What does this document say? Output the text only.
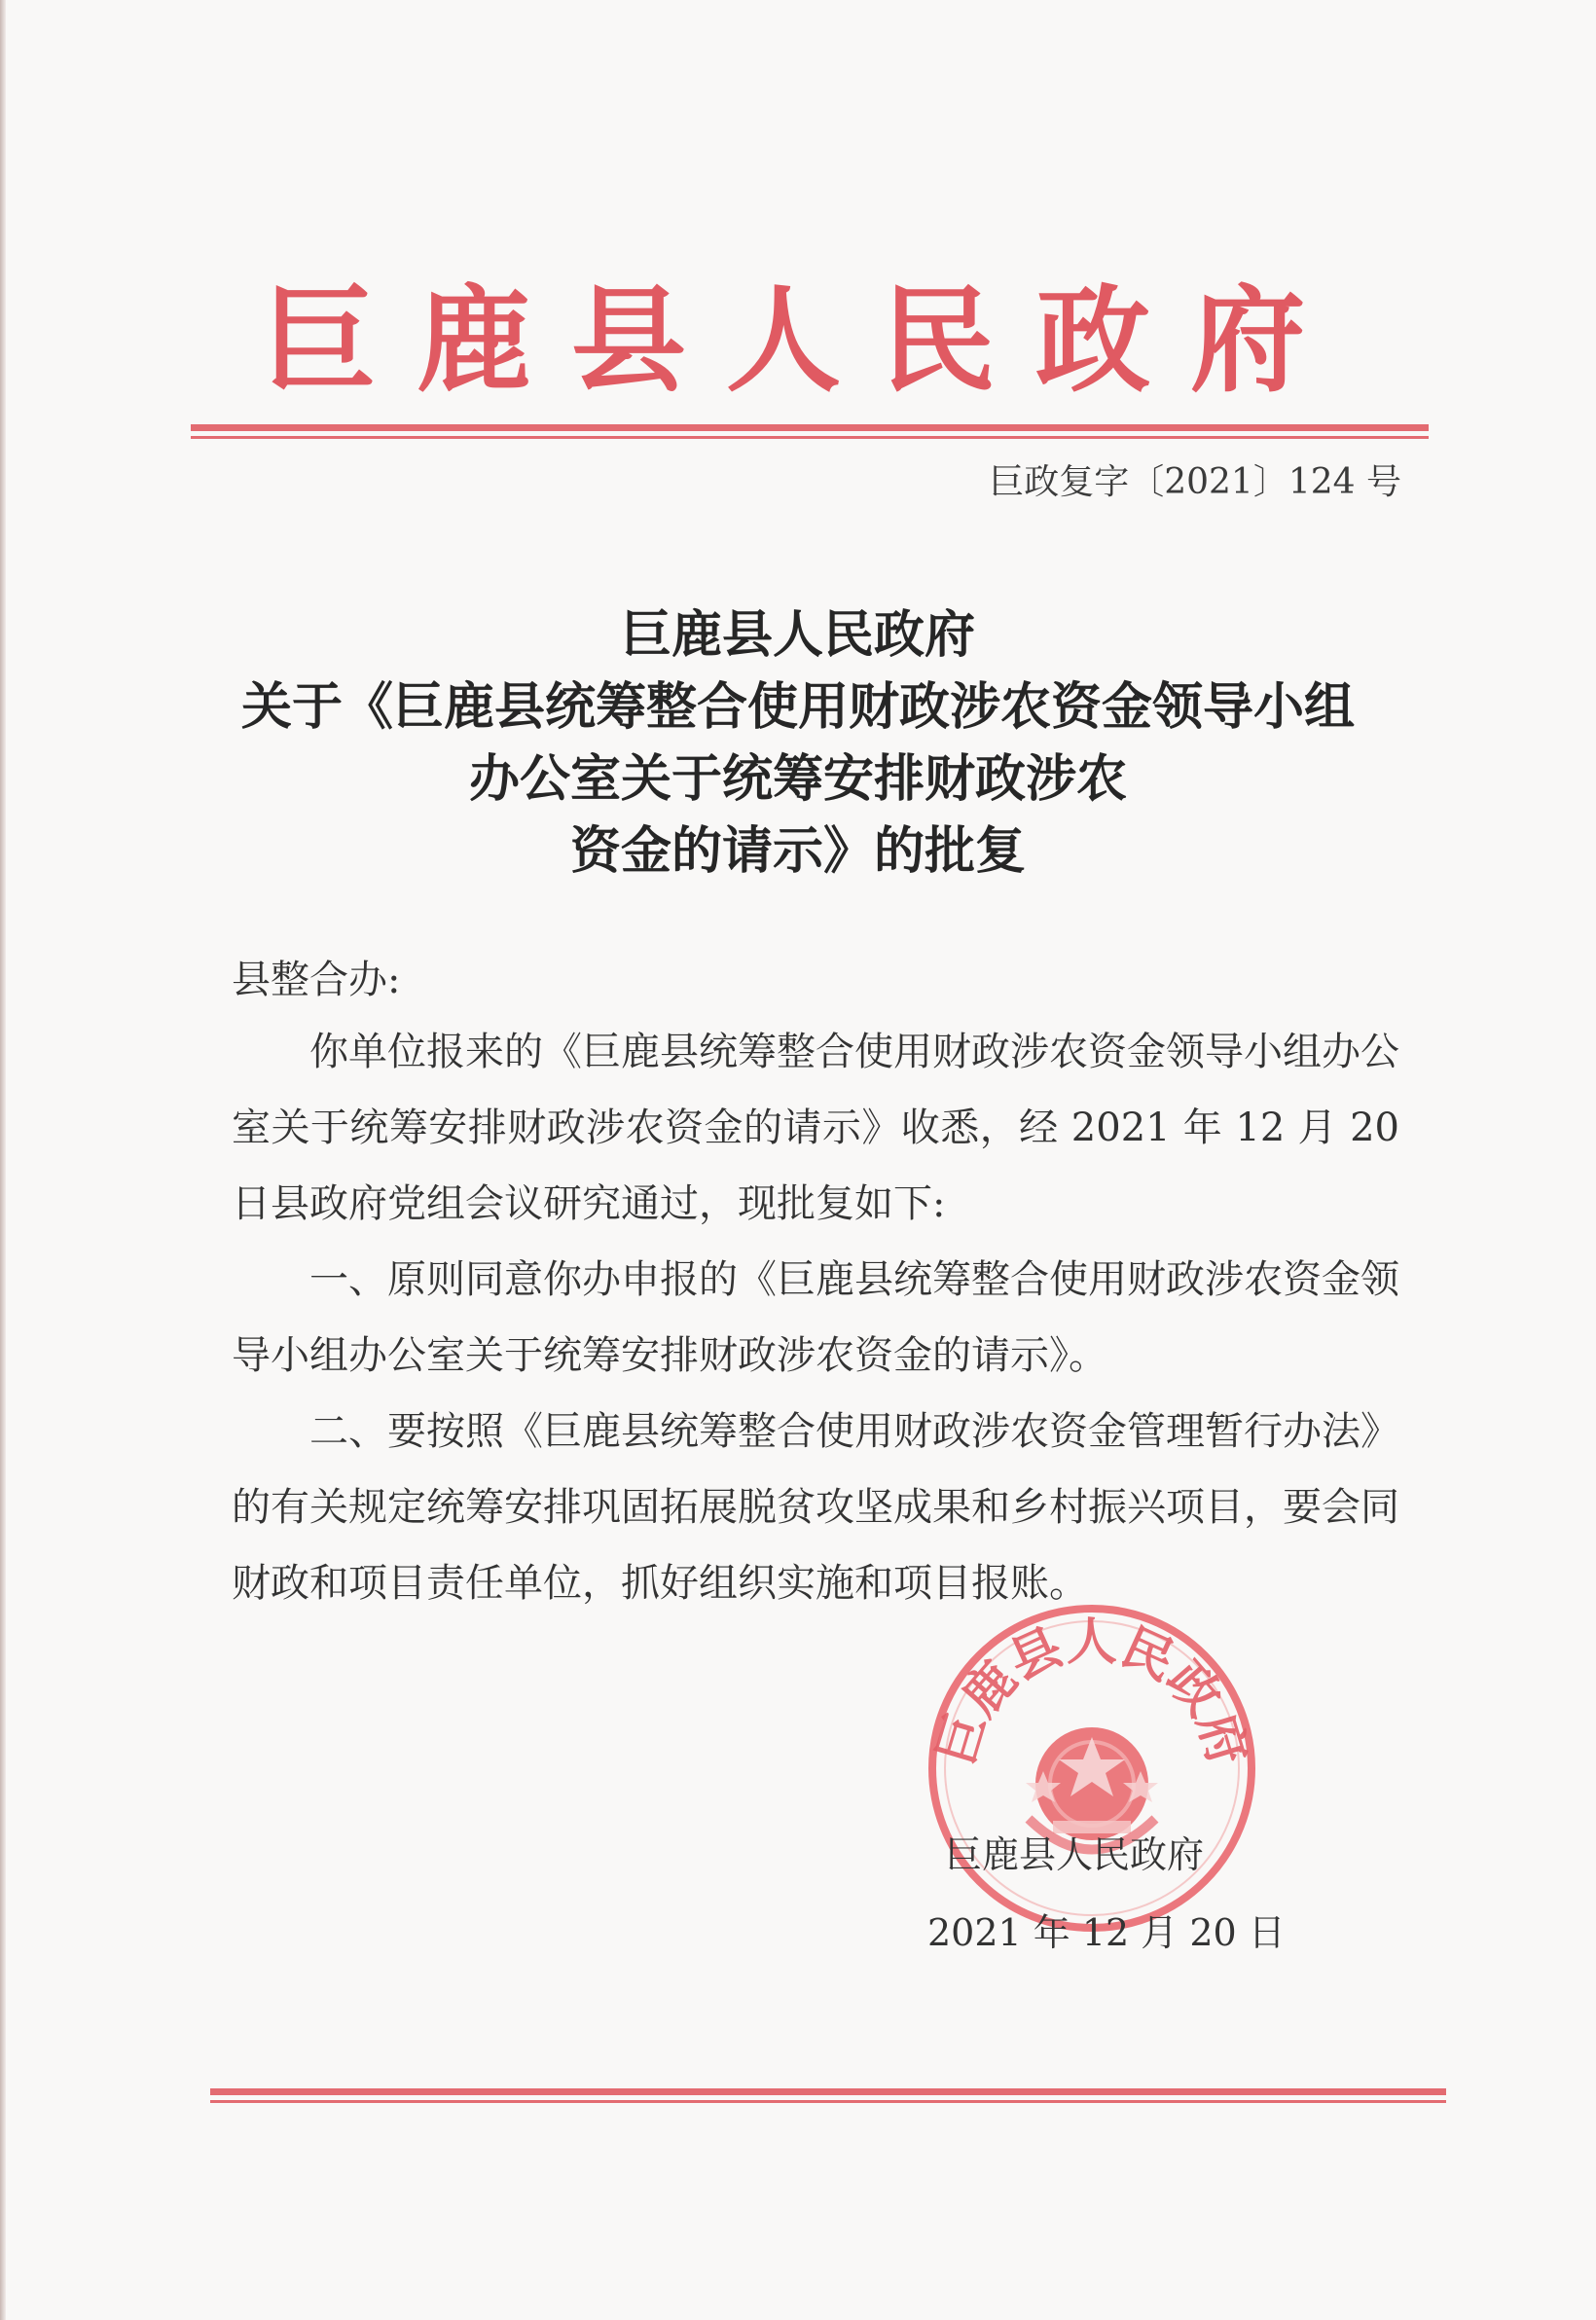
巨 鹿 县 人 民 政 府

巨政复字〔2021〕124 号

巨鹿县人民政府
关于《巨鹿县统筹整合使用财政涉农资金领导小组
办公室关于统筹安排财政涉农
资金的请示》的批复

县整合办:

你单位报来的《巨鹿县统筹整合使用财政涉农资金领导小组办公室关于统筹安排财政涉农资金的请示》收悉，经 2021 年 12 月 20 日县政府党组会议研究通过，现批复如下:

一、原则同意你办申报的《巨鹿县统筹整合使用财政涉农资金领导小组办公室关于统筹安排财政涉农资金的请示》。

二、要按照《巨鹿县统筹整合使用财政涉农资金管理暂行办法》的有关规定统筹安排巩固拓展脱贫攻坚成果和乡村振兴项目，要会同财政和项目责任单位，抓好组织实施和项目报账。

巨鹿县人民政府

巨鹿县人民政府

2021 年 12 月 20 日
